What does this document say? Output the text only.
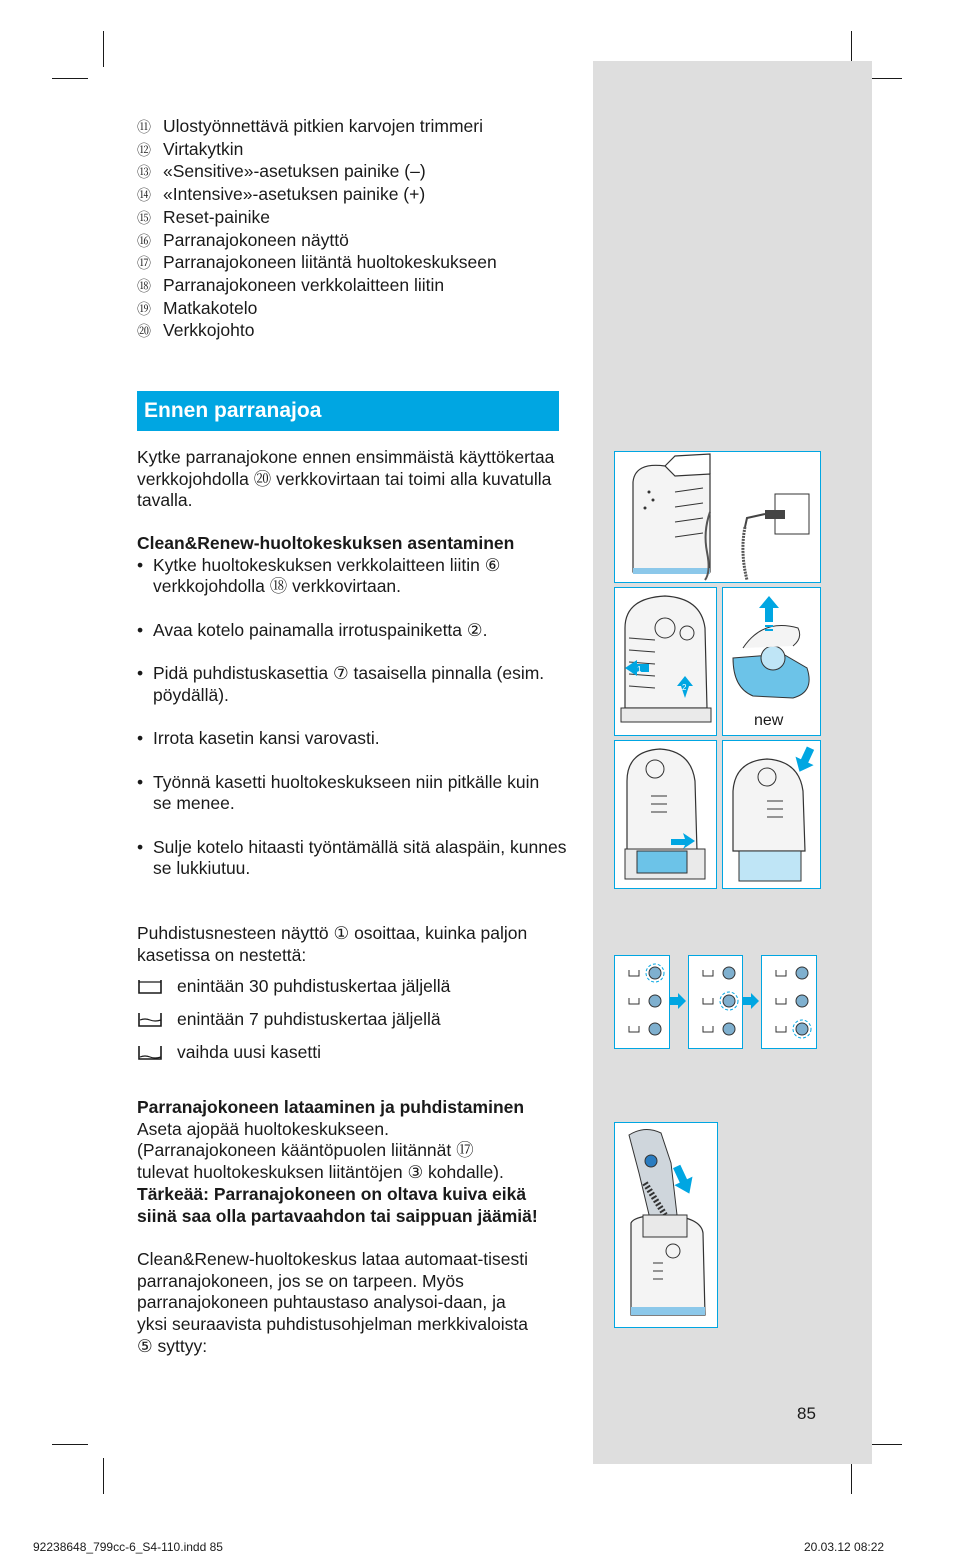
⑪ Ulostyönnettävä pitkien karvojen trimmeri
⑫ Virtakytkin
⑬ «Sensitive»-asetuksen painike (–)
⑭ «Intensive»-asetuksen painike (+)
⑮ Reset-painike
⑯ Parranajokoneen näyttö
⑰ Parranajokoneen liitäntä huoltokeskukseen
⑱ Parranajokoneen verkkolaitteen liitin
⑲ Matkakotelo
⑳ Verkkojohto
Ennen parranajoa
Kytke parranajokone ennen ensimmäistä käyttökertaa verkkojohdolla ⑳ verkkovirtaan tai toimi alla kuvatulla tavalla.
Clean&Renew-huoltokeskuksen asentaminen
• Kytke huoltokeskuksen verkkolaitteen liitin ⑥ verkkojohdolla ⑱ verkkovirtaan.
• Avaa kotelo painamalla irrotuspainiketta ②.
• Pidä puhdistuskasettia ⑦ tasaisella pinnalla (esim. pöydällä).
• Irrota kasetin kansi varovasti.
• Työnnä kasetti huoltokeskukseen niin pitkälle kuin se menee.
• Sulje kotelo hitaasti työntämällä sitä alaspäin, kunnes se lukkiutuu.
Puhdistusnesteen näyttö ① osoittaa, kuinka paljon kasetissa on nestettä:
enintään 30 puhdistuskertaa jäljellä
enintään 7 puhdistuskertaa jäljellä
vaihda uusi kasetti
Parranajokoneen lataaminen ja puhdistaminen
Aseta ajopää huoltokeskukseen.
(Parranajokoneen kääntöpuolen liitännät ⑰
tulevat huoltokeskuksen liitäntöjen ③ kohdalle).
Tärkeää: Parranajokoneen on oltava kuiva eikä siinä saa olla partavaahdon tai saippuan jäämiä!
Clean&Renew-huoltokeskus lataa automaat-tisesti parranajokoneen, jos se on tarpeen. Myös parranajokoneen puhtaustaso analysoi-daan, ja yksi seuraavista puhdistusohjelman merkkivaloista ⑤ syttyy:
1
2
new
85
92238648_799cc-6_S4-110.indd 85	20.03.12 08:22
